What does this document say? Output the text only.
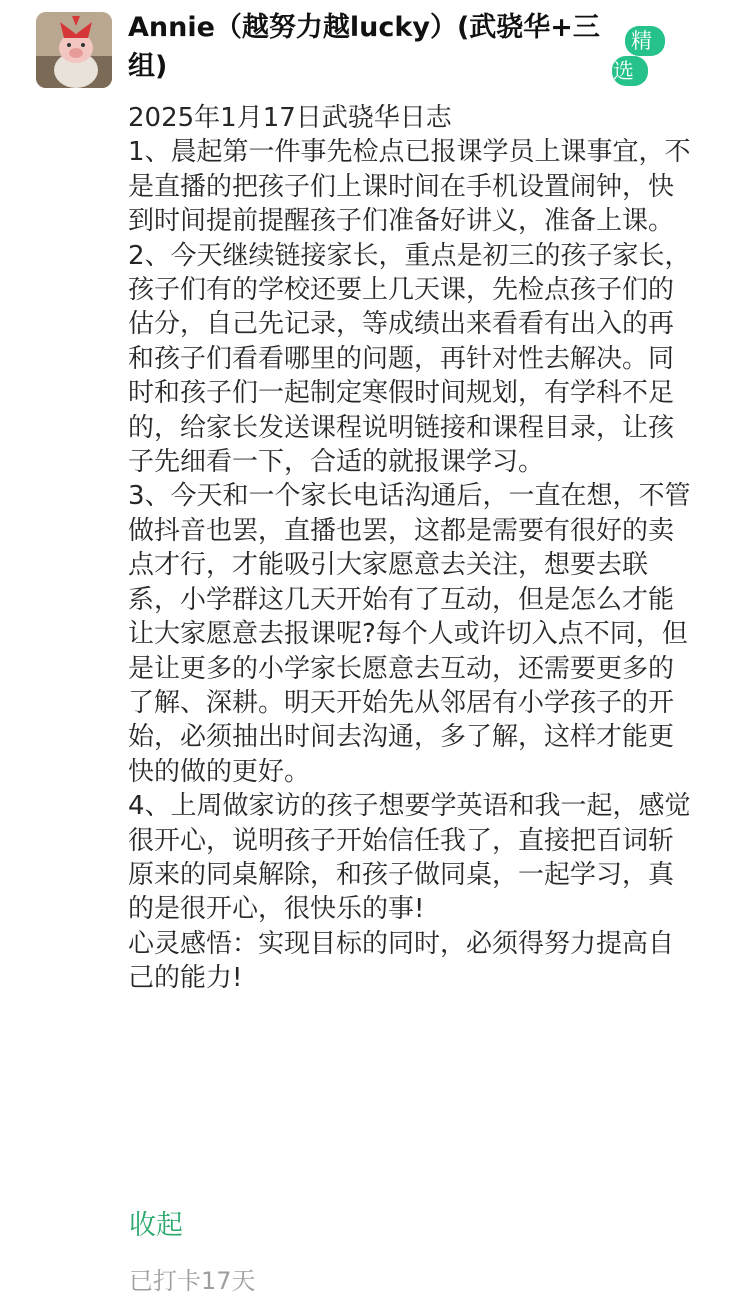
Annie（越努力越lucky）(武骁华+三组)
精
选

2025年1月17日武骁华日志

1、晨起第一件事先检点已报课学员上课事宜，不是直播的把孩子们上课时间在手机设置闹钟，快到时间提前提醒孩子们准备好讲义，准备上课。

2、今天继续链接家长，重点是初三的孩子家长，孩子们有的学校还要上几天课，先检点孩子们的估分，自己先记录，等成绩出来看看有出入的再和孩子们看看哪里的问题，再针对性去解决。同时和孩子们一起制定寒假时间规划，有学科不足的，给家长发送课程说明链接和课程目录，让孩子先细看一下，合适的就报课学习。

3、今天和一个家长电话沟通后，一直在想，不管做抖音也罢，直播也罢，这都是需要有很好的卖点才行，才能吸引大家愿意去关注，想要去联系，小学群这几天开始有了互动，但是怎么才能让大家愿意去报课呢?每个人或许切入点不同，但是让更多的小学家长愿意去互动，还需要更多的了解、深耕。明天开始先从邻居有小学孩子的开始，必须抽出时间去沟通，多了解，这样才能更快的做的更好。

4、上周做家访的孩子想要学英语和我一起，感觉很开心，说明孩子开始信任我了，直接把百词斩原来的同桌解除，和孩子做同桌，一起学习，真的是很开心，很快乐的事!

心灵感悟：实现目标的同时，必须得努力提高自己的能力!

收起
已打卡17天
